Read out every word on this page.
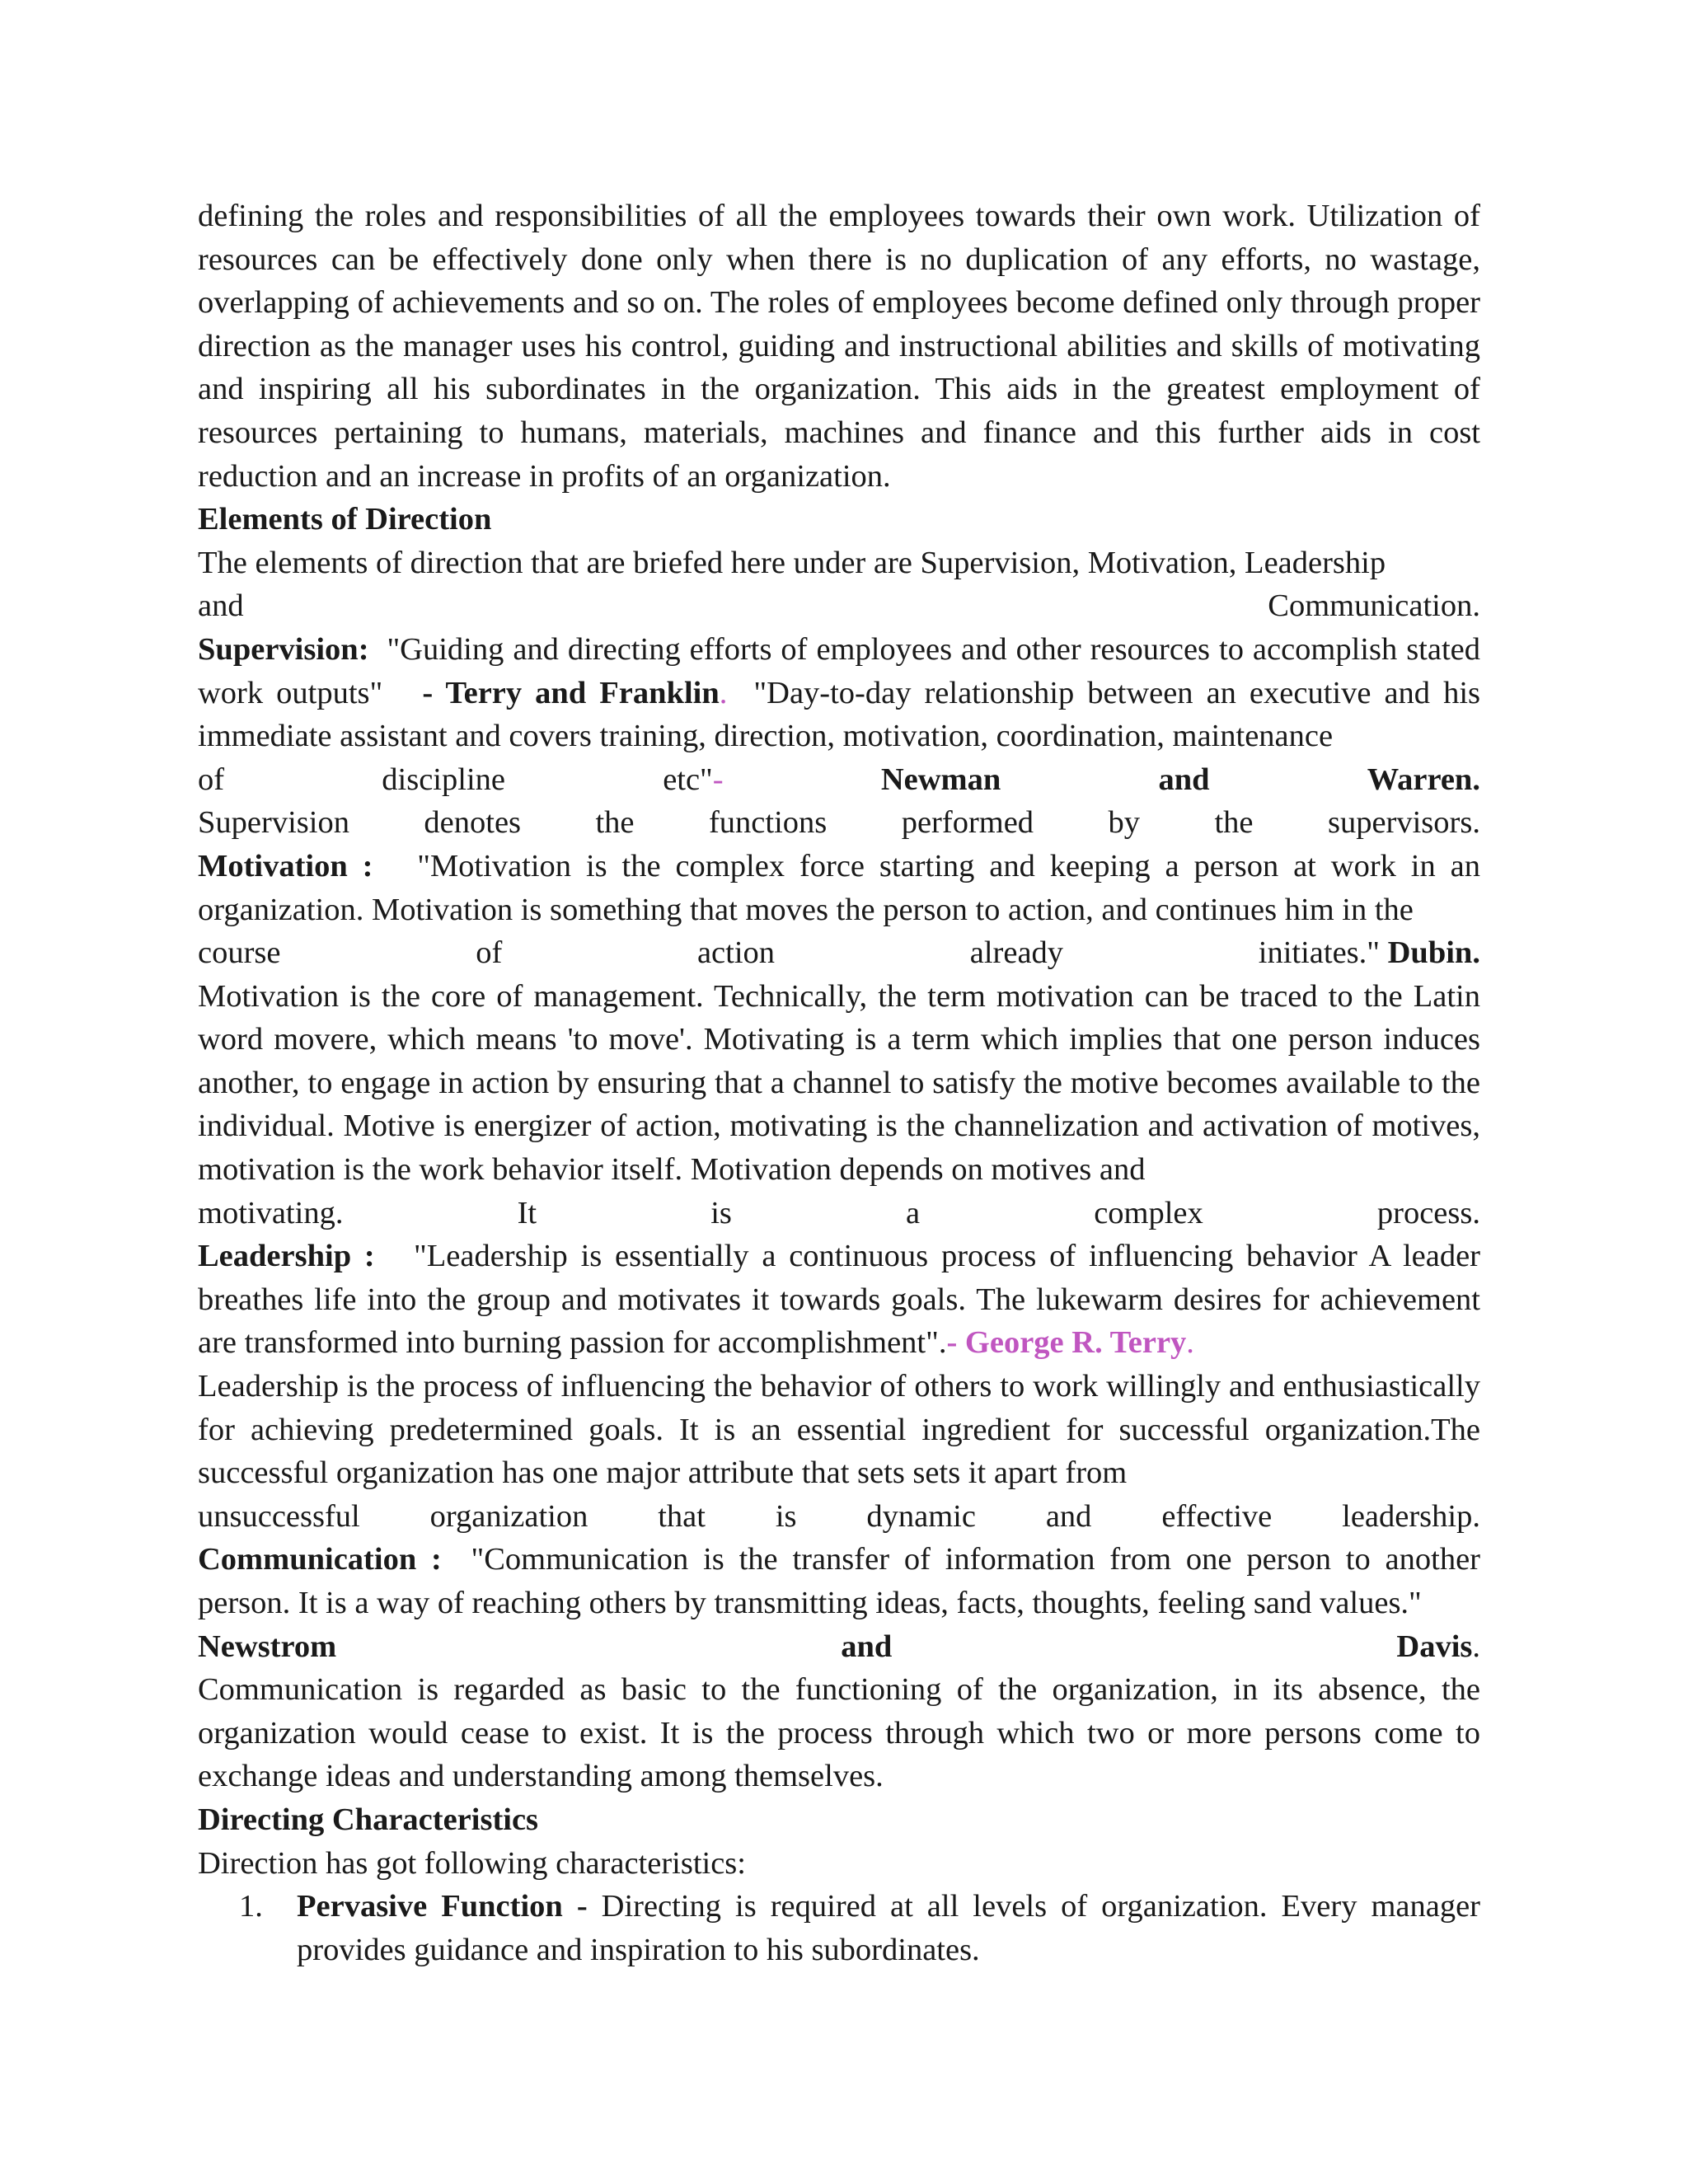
defining the roles and responsibilities of all the employees towards their own work. Utilization of resources can be effectively done only when there is no duplication of any efforts, no wastage, overlapping of achievements and so on. The roles of employees become defined only through proper direction as the manager uses his control, guiding and instructional abilities and skills of motivating and inspiring all his subordinates in the organization. This aids in the greatest employment of resources pertaining to humans, materials, machines and finance and this further aids in cost reduction and an increase in profits of an organization.

Elements of Direction

The elements of direction that are briefed here under are Supervision, Motivation, Leadership

and	Communication.

Supervision:  "Guiding and directing efforts of employees and other resources to accomplish stated work outputs"   - Terry and Franklin.  "Day-to-day relationship between an executive and his immediate assistant and covers training, direction, motivation, coordination, maintenance

of	discipline	etc"-	Newman	and	Warren.
Supervision denotes the functions performed by the supervisors.

Motivation :   "Motivation is the complex force starting and keeping a person at work in an organization. Motivation is something that moves the person to action, and continues him in the

course	of	action	already	initiates." Dubin.

Motivation is the core of management. Technically, the term motivation can be traced to the Latin word movere, which means 'to move'. Motivating is a term which implies that one person induces another, to engage in action by ensuring that a channel to satisfy the motive becomes available to the individual. Motive is energizer of action, motivating is the channelization and activation of motives, motivation is the work behavior itself. Motivation depends on motives and

motivating.	It	is	a	complex	process.

Leadership :   "Leadership is essentially a continuous process of influencing behavior A leader breathes life into the group and motivates it towards goals. The lukewarm desires for achievement are transformed into burning passion for accomplishment".- George R. Terry.

Leadership is the process of influencing the behavior of others to work willingly and enthusiastically for achieving predetermined goals. It is an essential ingredient for successful organization.The successful organization has one major attribute that sets sets it apart from

unsuccessful organization that is dynamic and effective leadership.

Communication :  "Communication is the transfer of information from one person to another person. It is a way of reaching others by transmitting ideas, facts, thoughts, feeling sand values."

Newstrom	and	Davis.

Communication is regarded as basic to the functioning of the organization, in its absence, the organization would cease to exist. It is the process through which two or more persons come to exchange ideas and understanding among themselves.

Directing Characteristics

Direction has got following characteristics:

1. Pervasive Function - Directing is required at all levels of organization. Every manager provides guidance and inspiration to his subordinates.
